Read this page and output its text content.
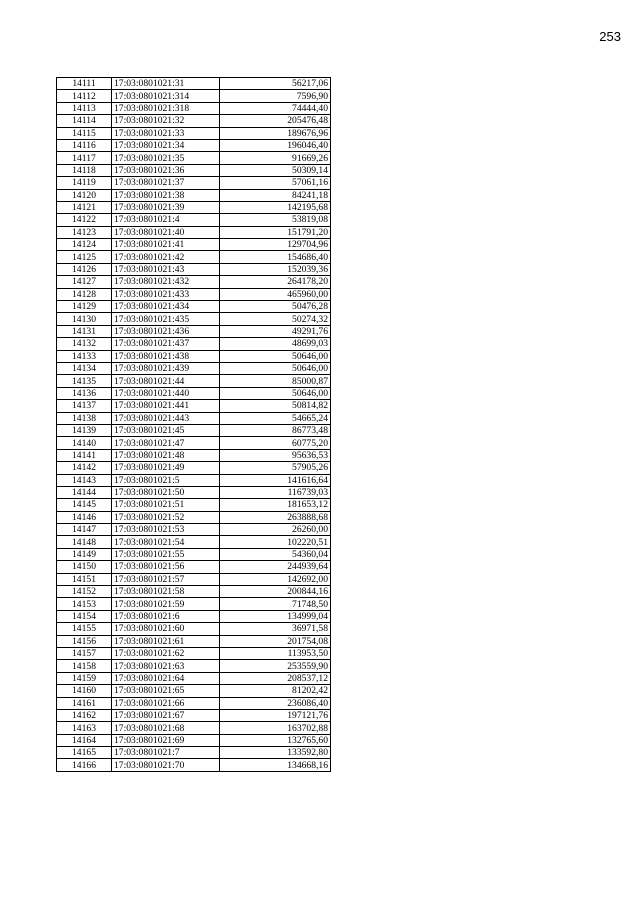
253
14111	17:03:0801021:31	56217,06
14112	17:03:0801021:314	7596,90
14113	17:03:0801021:318	74444,40
14114	17:03:0801021:32	205476,48
14115	17:03:0801021:33	189676,96
14116	17:03:0801021:34	196046,40
14117	17:03:0801021:35	91669,26
14118	17:03:0801021:36	50309,14
14119	17:03:0801021:37	57061,16
14120	17:03:0801021:38	84241,18
14121	17:03:0801021:39	142195,68
14122	17:03:0801021:4	53819,08
14123	17:03:0801021:40	151791,20
14124	17:03:0801021:41	129704,96
14125	17:03:0801021:42	154686,40
14126	17:03:0801021:43	152039,36
14127	17:03:0801021:432	264178,20
14128	17:03:0801021:433	465960,00
14129	17:03:0801021:434	50476,28
14130	17:03:0801021:435	50274,32
14131	17:03:0801021:436	49291,76
14132	17:03:0801021:437	48699,03
14133	17:03:0801021:438	50646,00
14134	17:03:0801021:439	50646,00
14135	17:03:0801021:44	85000,87
14136	17:03:0801021:440	50646,00
14137	17:03:0801021:441	50814,82
14138	17:03:0801021:443	54665,24
14139	17:03:0801021:45	86773,48
14140	17:03:0801021:47	60775,20
14141	17:03:0801021:48	95636,53
14142	17:03:0801021:49	57905,26
14143	17:03:0801021:5	141616,64
14144	17:03:0801021:50	116739,03
14145	17:03:0801021:51	181653,12
14146	17:03:0801021:52	263888,68
14147	17:03:0801021:53	26260,00
14148	17:03:0801021:54	102220,51
14149	17:03:0801021:55	54360,04
14150	17:03:0801021:56	244939,64
14151	17:03:0801021:57	142692,00
14152	17:03:0801021:58	200844,16
14153	17:03:0801021:59	71748,50
14154	17:03:0801021:6	134999,04
14155	17:03:0801021:60	36971,58
14156	17:03:0801021:61	201754,08
14157	17:03:0801021:62	113953,50
14158	17:03:0801021:63	253559,90
14159	17:03:0801021:64	208537,12
14160	17:03:0801021:65	81202,42
14161	17:03:0801021:66	236086,40
14162	17:03:0801021:67	197121,76
14163	17:03:0801021:68	163702,88
14164	17:03:0801021:69	132765,60
14165	17:03:0801021:7	133592,80
14166	17:03:0801021:70	134668,16
